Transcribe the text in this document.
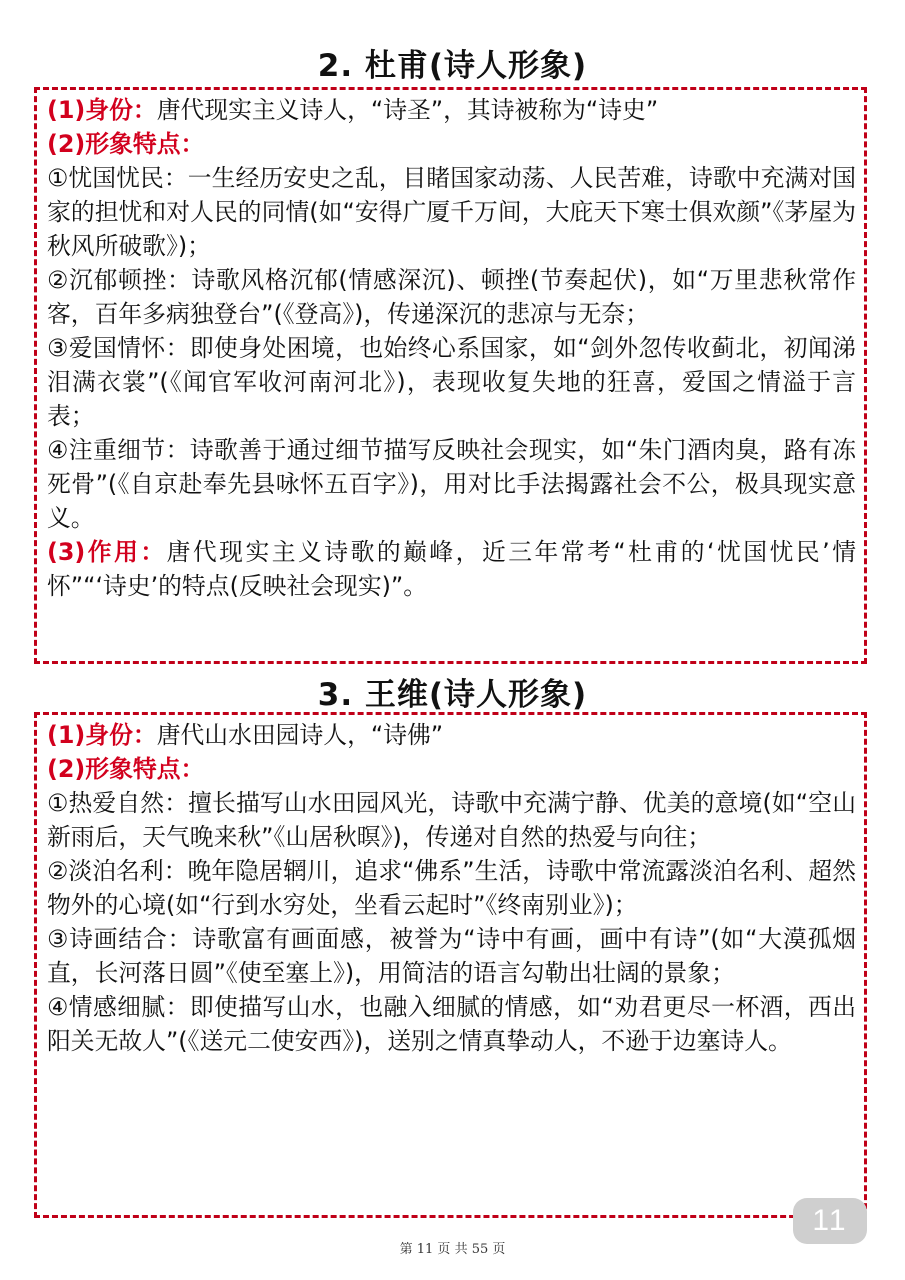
2. 杜甫(诗人形象)

(1)身份：唐代现实主义诗人，“诗圣”，其诗被称为“诗史”

(2)形象特点：

①忧国忧民：一生经历安史之乱，目睹国家动荡、人民苦难，诗歌中充满对国家的担忧和对人民的同情(如“安得广厦千万间，大庇天下寒士俱欢颜”《茅屋为秋风所破歌》)；

②沉郁顿挫：诗歌风格沉郁(情感深沉)、顿挫(节奏起伏)，如“万里悲秋常作客，百年多病独登台”(《登高》)，传递深沉的悲凉与无奈；

③爱国情怀：即使身处困境，也始终心系国家，如“剑外忽传收蓟北，初闻涕泪满衣裳”(《闻官军收河南河北》)，表现收复失地的狂喜，爱国之情溢于言表；

④注重细节：诗歌善于通过细节描写反映社会现实，如“朱门酒肉臭，路有冻死骨”(《自京赴奉先县咏怀五百字》)，用对比手法揭露社会不公，极具现实意义。

(3)作用：唐代现实主义诗歌的巅峰，近三年常考“杜甫的‘忧国忧民’情怀”“‘诗史’的特点(反映社会现实)”。

3. 王维(诗人形象)

(1)身份：唐代山水田园诗人，“诗佛”

(2)形象特点：

①热爱自然：擅长描写山水田园风光，诗歌中充满宁静、优美的意境(如“空山新雨后，天气晚来秋”《山居秋暝》)，传递对自然的热爱与向往；

②淡泊名利：晚年隐居辋川，追求“佛系”生活，诗歌中常流露淡泊名利、超然物外的心境(如“行到水穷处，坐看云起时”《终南别业》)；

③诗画结合：诗歌富有画面感，被誉为“诗中有画，画中有诗”(如“大漠孤烟直，长河落日圆”《使至塞上》)，用简洁的语言勾勒出壮阔的景象；

④情感细腻：即使描写山水，也融入细腻的情感，如“劝君更尽一杯酒，西出阳关无故人”(《送元二使安西》)，送别之情真挚动人，不逊于边塞诗人。

11
第 11 页 共 55 页
